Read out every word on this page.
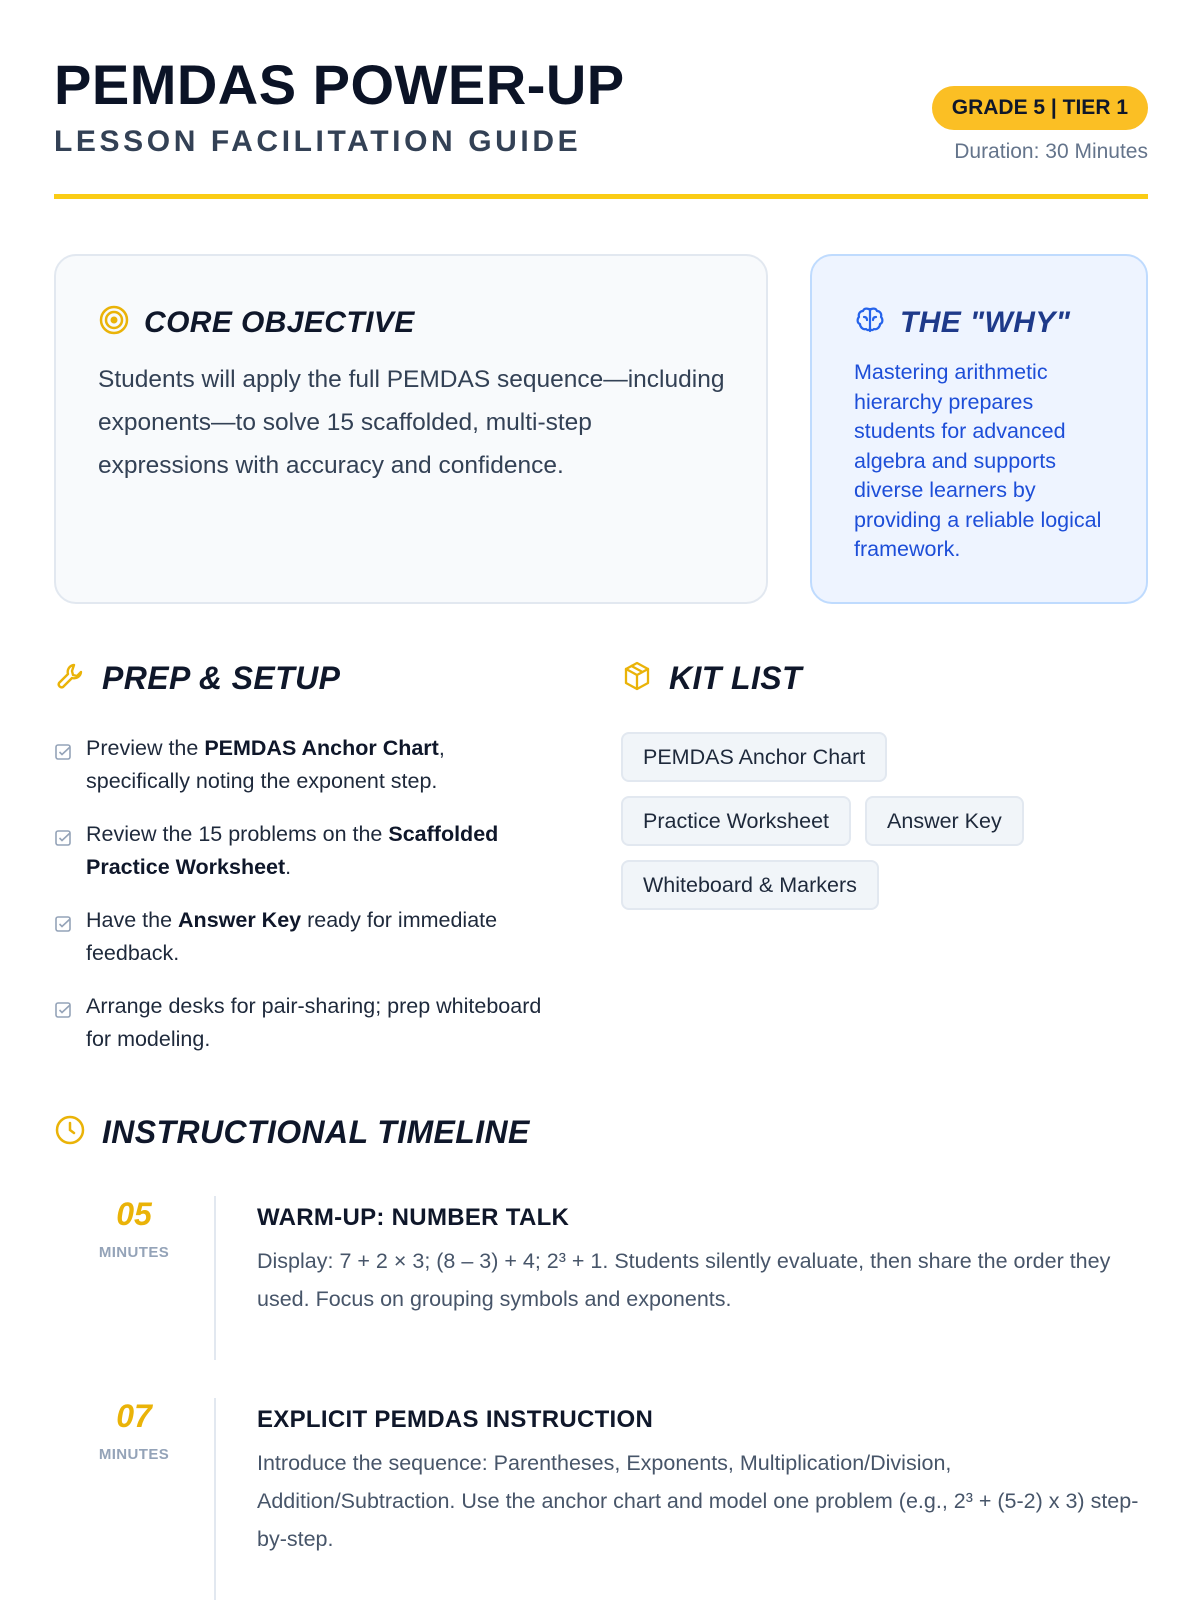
PEMDAS POWER-UP
LESSON FACILITATION GUIDE
GRADE 5 | TIER 1
Duration: 30 Minutes
CORE OBJECTIVE
Students will apply the full PEMDAS sequence—including exponents—to solve 15 scaffolded, multi-step expressions with accuracy and confidence.
THE "WHY"
Mastering arithmetic hierarchy prepares students for advanced algebra and supports diverse learners by providing a reliable logical framework.
PREP & SETUP
Preview the PEMDAS Anchor Chart, specifically noting the exponent step.
Review the 15 problems on the Scaffolded Practice Worksheet.
Have the Answer Key ready for immediate feedback.
Arrange desks for pair-sharing; prep whiteboard for modeling.
KIT LIST
PEMDAS Anchor Chart
Practice Worksheet	Answer Key
Whiteboard & Markers
INSTRUCTIONAL TIMELINE
05
MINUTES
WARM-UP: NUMBER TALK
Display: 7 + 2 × 3; (8 – 3) + 4; 2³ + 1. Students silently evaluate, then share the order they used. Focus on grouping symbols and exponents.
07
MINUTES
EXPLICIT PEMDAS INSTRUCTION
Introduce the sequence: Parentheses, Exponents, Multiplication/Division, Addition/Subtraction. Use the anchor chart and model one problem (e.g., 2³ + (5-2) x 3) step-by-step.
